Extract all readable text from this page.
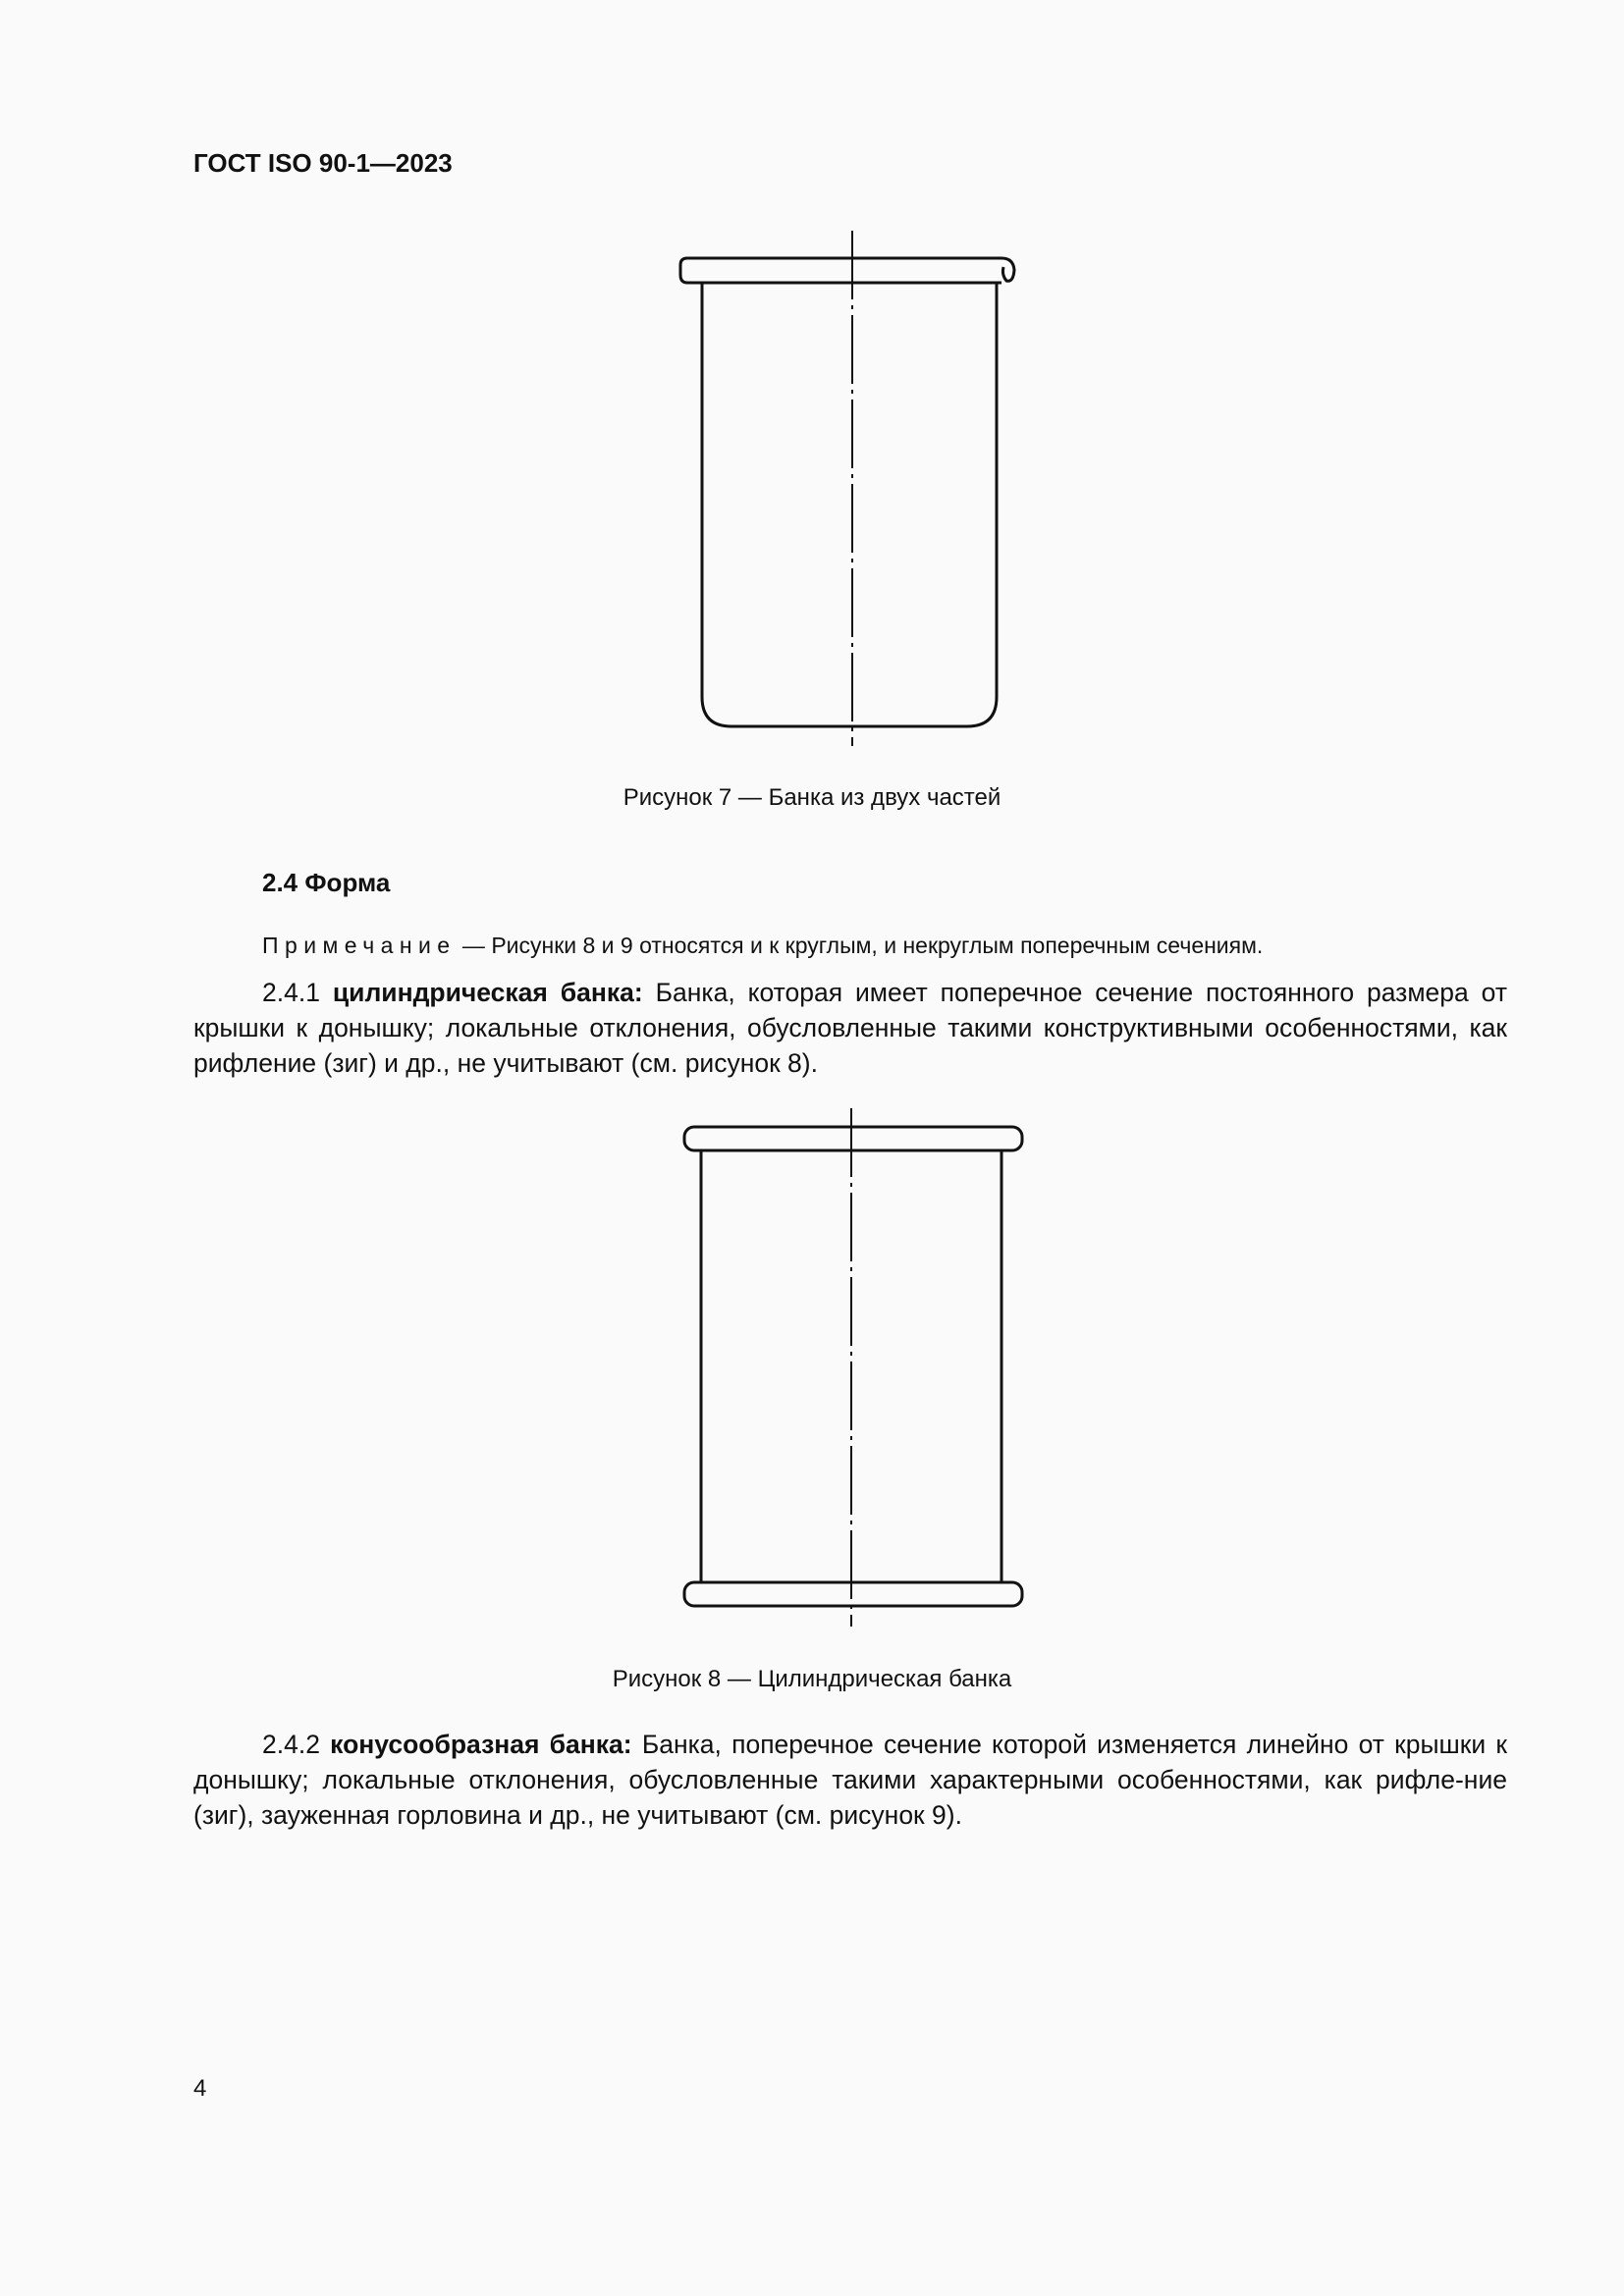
ГОСТ ISO 90-1—2023
Рисунок 7 — Банка из двух частей
2.4 Форма
Примечание — Рисунки 8 и 9 относятся и к круглым, и некруглым поперечным сечениям.
2.4.1 цилиндрическая банка: Банка, которая имеет поперечное сечение постоянного размера от крышки к донышку; локальные отклонения, обусловленные такими конструктивными особенностями, как рифление (зиг) и др., не учитывают (см. рисунок 8).
Рисунок 8 — Цилиндрическая банка
2.4.2 конусообразная банка: Банка, поперечное сечение которой изменяется линейно от крышки к донышку; локальные отклонения, обусловленные такими характерными особенностями, как рифле-ние (зиг), зауженная горловина и др., не учитывают (см. рисунок 9).
4
